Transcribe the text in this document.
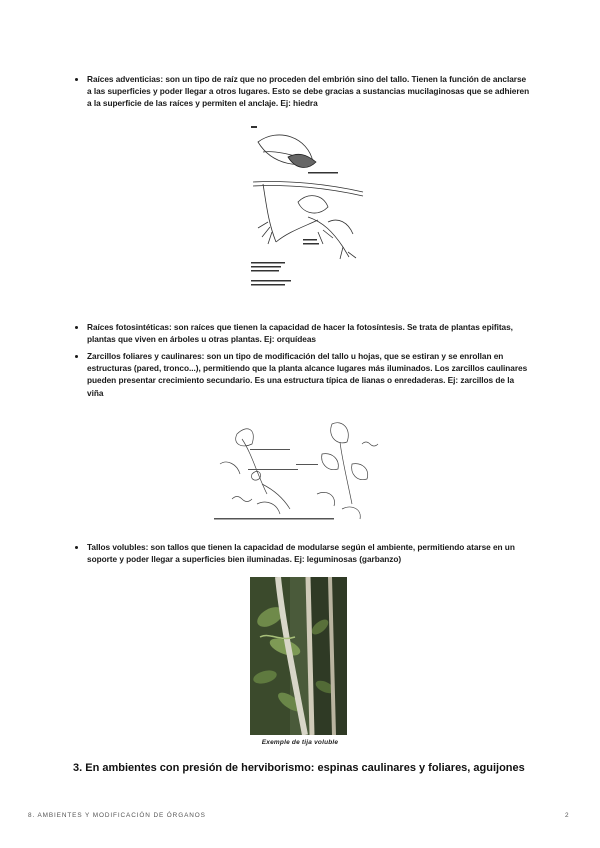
Raíces adventicias: son un tipo de raíz que no proceden del embrión sino del tallo. Tienen la función de anclarse a las superficies y poder llegar a otros lugares. Esto se debe gracias a sustancias mucilaginosas que se adhieren a la superficie de las raíces y permiten el anclaje. Ej: hiedra
Raíces fotosintéticas: son raíces que tienen la capacidad de hacer la fotosíntesis. Se trata de plantas epifitas, plantas que viven en árboles u otras plantas. Ej: orquídeas
Zarcillos foliares y caulinares: son un tipo de modificación del tallo u hojas, que se estiran y se enrollan en estructuras (pared, tronco...), permitiendo que la planta alcance lugares más iluminados. Los zarcillos caulinares pueden presentar crecimiento secundario. Es una estructura típica de lianas o enredaderas. Ej: zarcillos de la viña
Tallos volubles: son tallos que tienen la capacidad de modularse según el ambiente, permitiendo atarse en un soporte y poder llegar a superficies bien iluminadas. Ej: leguminosas (garbanzo)
Exemple de tija voluble
3. En ambientes con presión de herviborismo: espinas caulinares y foliares, aguijones
8. AMBIENTES Y MODIFICACIÓN DE ÓRGANOS	2
